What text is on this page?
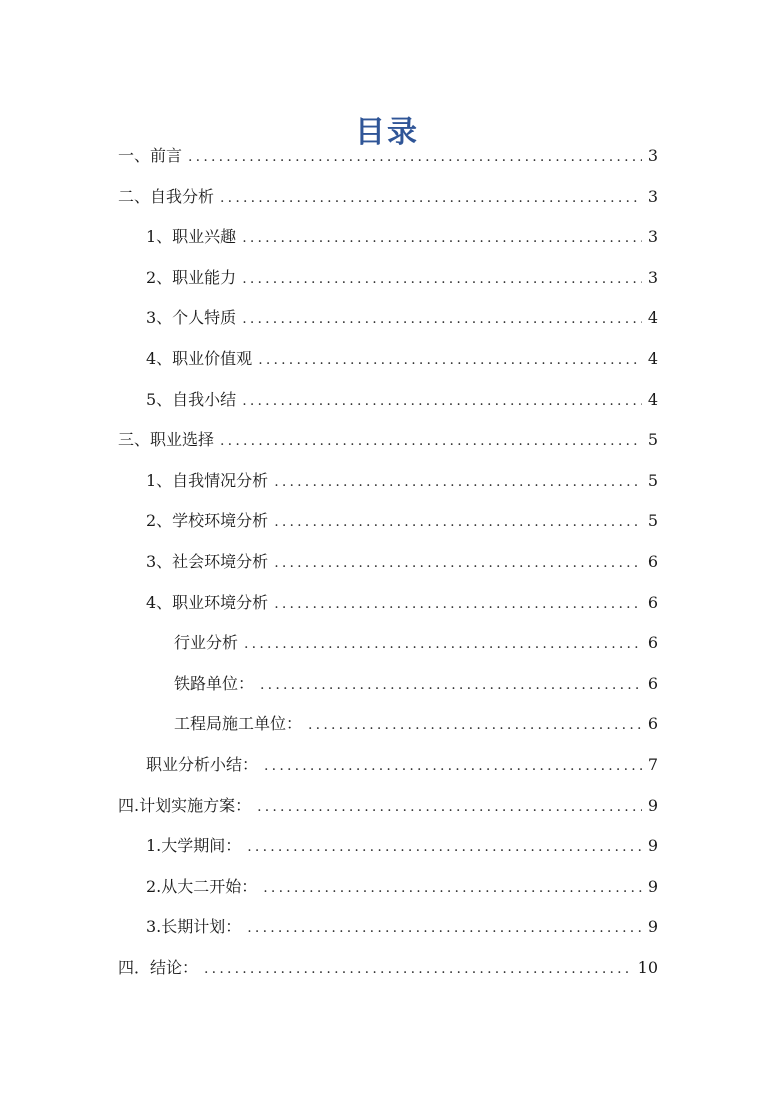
目录
一、前言 .....	3
二、自我分析 .....	3
1、职业兴趣 .....	3
2、职业能力 .....	3
3、个人特质 .....	4
4、职业价值观 .....	4
5、自我小结 .....	4
三、职业选择 .....	5
1、自我情况分析 .....	5
2、学校环境分析 .....	5
3、社会环境分析 .....	6
4、职业环境分析 .....	6
行业分析 .....	6
铁路单位： .....	6
工程局施工单位： .....	6
职业分析小结： .....	7
四.计划实施方案： .....	9
1.大学期间： .....	9
2.从大二开始： .....	9
3.长期计划： .....	9
四．结论： .....	10
